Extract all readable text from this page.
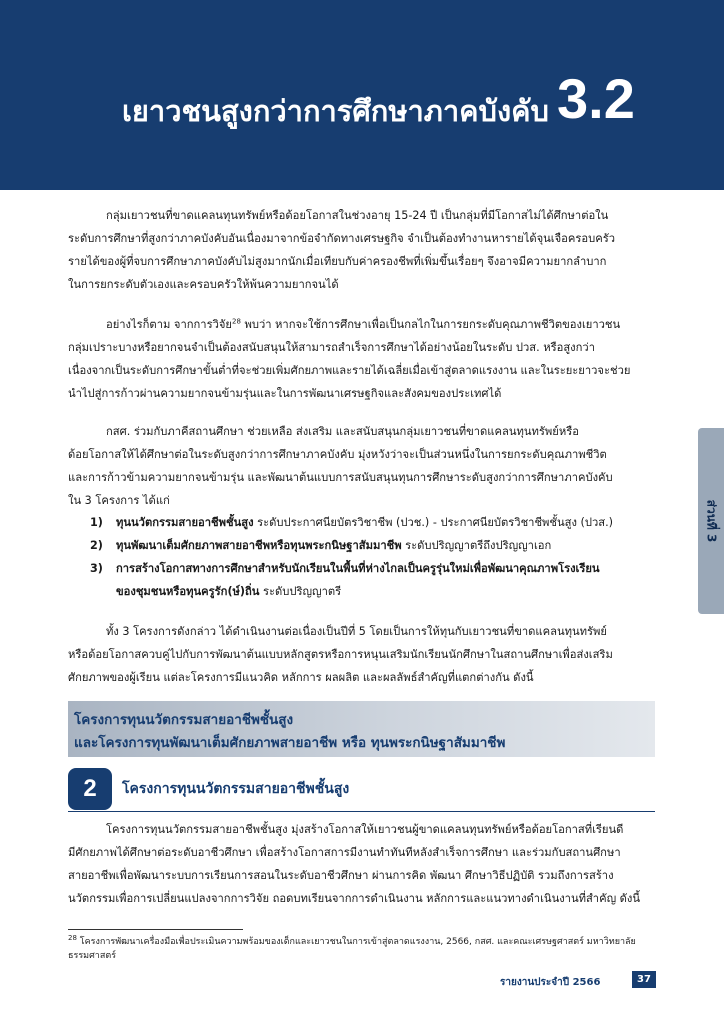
เยาวชนสูงกว่าการศึกษาภาคบังคับ 3.2
ส่วนที่ 3
กลุ่มเยาวชนที่ขาดแคลนทุนทรัพย์หรือด้อยโอกาสในช่วงอายุ 15-24 ปี เป็นกลุ่มที่มีโอกาสไม่ได้ศึกษาต่อใน
ระดับการศึกษาที่สูงกว่าภาคบังคับอันเนื่องมาจากข้อจำกัดทางเศรษฐกิจ จำเป็นต้องทำงานหารายได้จุนเจือครอบครัว
รายได้ของผู้ที่จบการศึกษาภาคบังคับไม่สูงมากนักเมื่อเทียบกับค่าครองชีพที่เพิ่มขึ้นเรื่อยๆ จึงอาจมีความยากลำบาก
ในการยกระดับตัวเองและครอบครัวให้พ้นความยากจนได้
อย่างไรก็ตาม จากการวิจัย$^{28}$ พบว่า หากจะใช้การศึกษาเพื่อเป็นกลไกในการยกระดับคุณภาพชีวิตของเยาวชน
กลุ่มเปราะบางหรือยากจนจำเป็นต้องสนับสนุนให้สามารถสำเร็จการศึกษาได้อย่างน้อยในระดับ ปวส. หรือสูงกว่า
เนื่องจากเป็นระดับการศึกษาขั้นต่ำที่จะช่วยเพิ่มศักยภาพและรายได้เฉลี่ยเมื่อเข้าสู่ตลาดแรงงาน และในระยะยาวจะช่วย
นำไปสู่การก้าวผ่านความยากจนข้ามรุ่นและในการพัฒนาเศรษฐกิจและสังคมของประเทศได้
กสศ. ร่วมกับภาคีสถานศึกษา ช่วยเหลือ ส่งเสริม และสนับสนุนกลุ่มเยาวชนที่ขาดแคลนทุนทรัพย์หรือ
ด้อยโอกาสให้ได้ศึกษาต่อในระดับสูงกว่าการศึกษาภาคบังคับ มุ่งหวังว่าจะเป็นส่วนหนึ่งในการยกระดับคุณภาพชีวิต
และการก้าวข้ามความยากจนข้ามรุ่น และพัฒนาต้นแบบการสนับสนุนทุนการศึกษาระดับสูงกว่าการศึกษาภาคบังคับ
ใน 3 โครงการ ได้แก่
1) ทุนนวัตกรรมสายอาชีพชั้นสูง ระดับประกาศนียบัตรวิชาชีพ (ปวช.) - ประกาศนียบัตรวิชาชีพชั้นสูง (ปวส.)
2) ทุนพัฒนาเต็มศักยภาพสายอาชีพหรือทุนพระกนิษฐาสัมมาชีพ ระดับปริญญาตรีถึงปริญญาเอก
3) การสร้างโอกาสทางการศึกษาสำหรับนักเรียนในพื้นที่ห่างไกลเป็นครูรุ่นใหม่เพื่อพัฒนาคุณภาพโรงเรียน
ของชุมชนหรือทุนครูรัก(ษ์)ถิ่น ระดับปริญญาตรี
ทั้ง 3 โครงการดังกล่าว ได้ดำเนินงานต่อเนื่องเป็นปีที่ 5 โดยเป็นการให้ทุนกับเยาวชนที่ขาดแคลนทุนทรัพย์
หรือด้อยโอกาสควบคู่ไปกับการพัฒนาต้นแบบหลักสูตรหรือการหนุนเสริมนักเรียนนักศึกษาในสถานศึกษาเพื่อส่งเสริม
ศักยภาพของผู้เรียน แต่ละโครงการมีแนวคิด หลักการ ผลผลิต และผลลัพธ์สำคัญที่แตกต่างกัน ดังนี้
โครงการทุนนวัตกรรมสายอาชีพชั้นสูง
และโครงการทุนพัฒนาเต็มศักยภาพสายอาชีพ หรือ ทุนพระกนิษฐาสัมมาชีพ
2	โครงการทุนนวัตกรรมสายอาชีพชั้นสูง
โครงการทุนนวัตกรรมสายอาชีพชั้นสูง มุ่งสร้างโอกาสให้เยาวชนผู้ขาดแคลนทุนทรัพย์หรือด้อยโอกาสที่เรียนดี
มีศักยภาพได้ศึกษาต่อระดับอาชีวศึกษา เพื่อสร้างโอกาสการมีงานทำทันทีหลังสำเร็จการศึกษา และร่วมกับสถานศึกษา
สายอาชีพเพื่อพัฒนาระบบการเรียนการสอนในระดับอาชีวศึกษา ผ่านการคิด พัฒนา ศึกษาวิธีปฏิบัติ รวมถึงการสร้าง
นวัตกรรมเพื่อการเปลี่ยนแปลงจากการวิจัย ถอดบทเรียนจากการดำเนินงาน หลักการและแนวทางดำเนินงานที่สำคัญ ดังนี้
$^{28}$ โครงการพัฒนาเครื่องมือเพื่อประเมินความพร้อมของเด็กและเยาวชนในการเข้าสู่ตลาดแรงงาน, 2566, กสศ. และคณะเศรษฐศาสตร์ มหาวิทยาลัย
ธรรมศาสตร์
รายงานประจำปี 2566	37
